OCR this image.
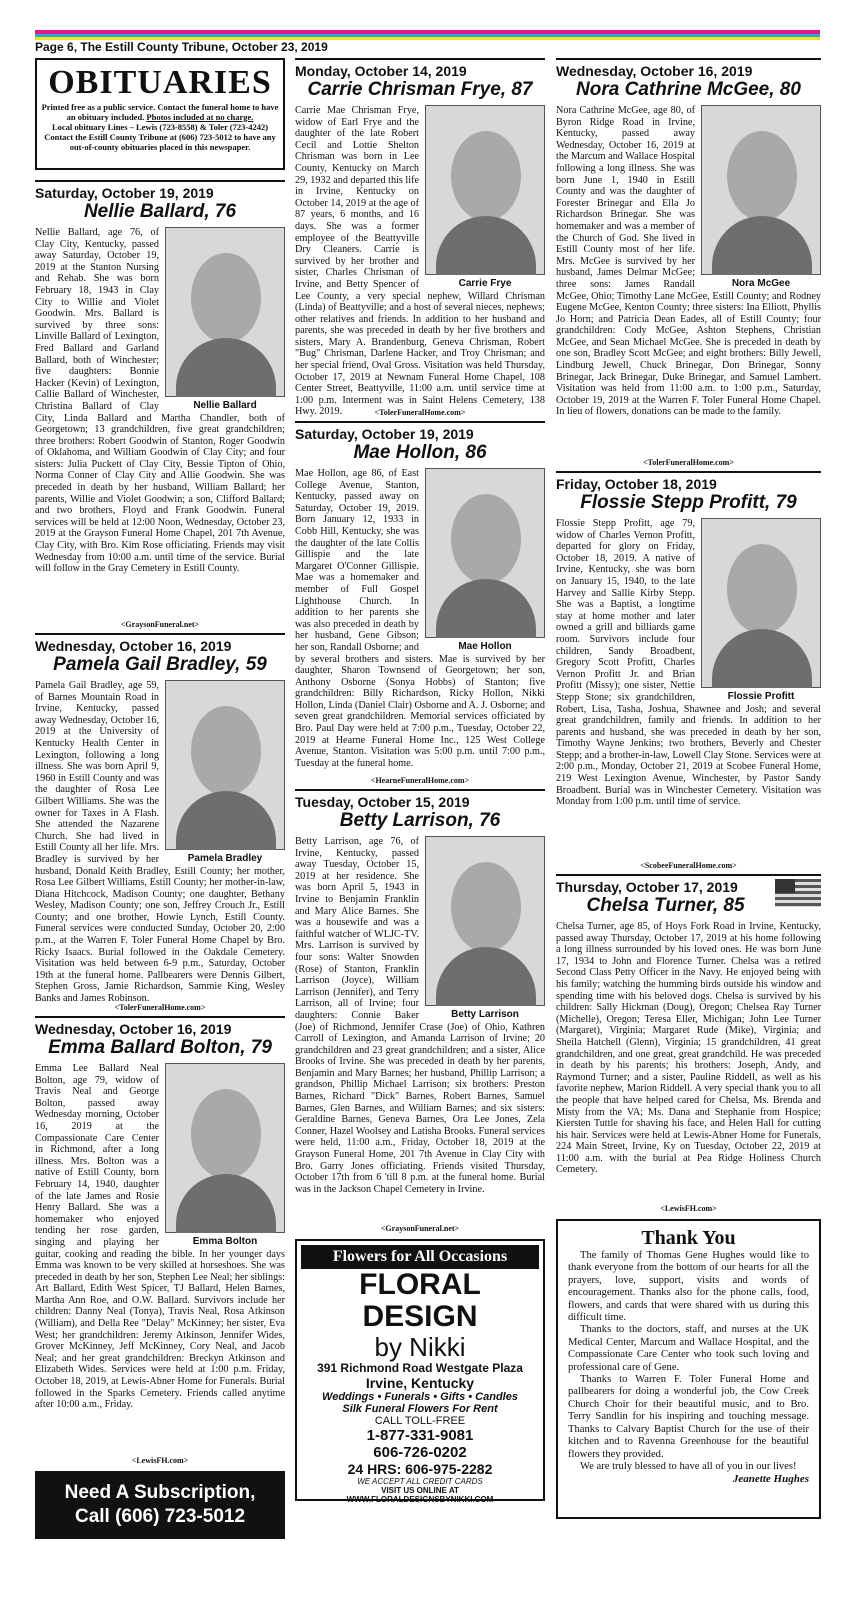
Page 6, The Estill County Tribune, October 23, 2019
OBITUARIES
Printed free as a public service. Contact the funeral home to have an obituary included. Photos included at no charge.
Local obituary Lines – Lewis (723-8558) & Toler (723-4242)
Contact the Estill County Tribune at (606) 723-5012 to have any out-of-county obituaries placed in this newspaper.
Saturday, October 19, 2019
Nellie Ballard, 76
Nellie Ballard
Nellie Ballard, age 76, of Clay City, Kentucky, passed away Saturday, October 19, 2019 at the Stanton Nursing and Rehab. She was born February 18, 1943 in Clay City to Willie and Violet Goodwin. Mrs. Ballard is survived by three sons: Linville Ballard of Lexington, Fred Ballard and Garland Ballard, both of Winchester; five daughters: Bonnie Hacker (Kevin) of Lexington, Callie Ballard of Winchester, Christina Ballard of Clay City, Linda Ballard and Martha Chandler, both of Georgetown; 13 grandchildren, five great grandchildren; three brothers: Robert Goodwin of Stanton, Roger Goodwin of Oklahoma, and William Goodwin of Clay City; and four sisters: Julia Puckett of Clay City, Bessie Tipton of Ohio, Norma Conner of Clay City and Allie Goodwin. She was preceded in death by her husband, William Ballard; her parents, Willie and Violet Goodwin; a son, Clifford Ballard; and two brothers, Floyd and Frank Goodwin. Funeral services will be held at 12:00 Noon, Wednesday, October 23, 2019 at the Grayson Funeral Home Chapel, 201 7th Avenue, Clay City, with Bro. Kim Rose officiating. Friends may visit Wednesday from 10:00 a.m. until time of the service. Burial will follow in the Gray Cemetery in Estill County.
<GraysonFuneral.net>
Wednesday, October 16, 2019
Pamela Gail Bradley, 59
Pamela Bradley
Pamela Gail Bradley, age 59, of Barnes Mountain Road in Irvine, Kentucky, passed away Wednesday, October 16, 2019 at the University of Kentucky Health Center in Lexington, following a long illness. She was born April 9, 1960 in Estill County and was the daughter of Rosa Lee Gilbert Williams. She was the owner for Taxes in A Flash. She attended the Nazarene Church. She had lived in Estill County all her life. Mrs. Bradley is survived by her husband, Donald Keith Bradley, Estill County; her mother, Rosa Lee Gilbert Williams, Estill County; her mother-in-law, Diana Hitchcock, Madison County; one daughter, Bethany Wesley, Madison County; one son, Jeffrey Crouch Jr., Estill County; and one brother, Howie Lynch, Estill County. Funeral services were conducted Sunday, October 20, 2:00 p.m., at the Warren F. Toler Funeral Home Chapel by Bro. Ricky Isaacs. Burial followed in the Oakdale Cemetery. Visitation was held between 6-9 p.m., Saturday, October 19th at the funeral home. Pallbearers were Dennis Gilbert, Stephen Gross, Jamie Richardson, Sammie King, Wesley Banks and James Robinson.
<TolerFuneralHome.com>
Wednesday, October 16, 2019
Emma Ballard Bolton, 79
Emma Bolton
Emma Lee Ballard Neal Bolton, age 79, widow of Travis Neal and George Bolton, passed away Wednesday morning, October 16, 2019 at the Compassionate Care Center in Richmond, after a long illness. Mrs. Bolton was a native of Estill County, born February 14, 1940, daughter of the late James and Rosie Henry Ballard. She was a homemaker who enjoyed tending her rose garden, singing and playing her guitar, cooking and reading the bible. In her younger days Emma was known to be very skilled at horseshoes. She was preceded in death by her son, Stephen Lee Neal; her siblings: Art Ballard, Edith West Spicer, TJ Ballard, Helen Barnes, Martha Ann Roe, and O.W. Ballard. Survivors include her children: Danny Neal (Tonya), Travis Neal, Rosa Atkinson (William), and Della Ree "Delay" McKinney; her sister, Eva West; her grandchildren: Jeremy Atkinson, Jennifer Wides, Grover McKinney, Jeff McKinney, Cory Neal, and Jacob Neal; and her great grandchildren: Breckyn Atkinson and Elizabeth Wides. Services were held at 1:00 p.m. Friday, October 18, 2019, at Lewis-Abner Home for Funerals. Burial followed in the Sparks Cemetery. Friends called anytime after 10:00 a.m., Friday.
<LewisFH.com>
Need A Subscription,
Call (606) 723-5012
Monday, October 14, 2019
Carrie Chrisman Frye, 87
Carrie Frye
Carrie Mae Chrisman Frye, widow of Earl Frye and the daughter of the late Robert Cecil and Lottie Shelton Chrisman was born in Lee County, Kentucky on March 29, 1932 and departed this life in Irvine, Kentucky on October 14, 2019 at the age of 87 years, 6 months, and 16 days. She was a former employee of the Beattyville Dry Cleaners. Carrie is survived by her brother and sister, Charles Chrisman of Irvine, and Betty Spencer of Lee County, a very special nephew, Willard Chrisman (Linda) of Beattyville; and a host of several nieces, nephews; other relatives and friends. In addition to her husband and parents, she was preceded in death by her five brothers and sisters, Mary A. Brandenburg, Geneva Chrisman, Robert "Bug" Chrisman, Darlene Hacker, and Troy Chrisman; and her special friend, Oval Gross. Visitation was held Thursday, October 17, 2019 at Newnam Funeral Home Chapel, 108 Center Street, Beattyville, 11:00 a.m. until service time at 1:00 p.m. Interment was in Saint Helens Cemetery, 138 Hwy. 2019.	<TolerFuneralHome.com>
Saturday, October 19, 2019
Mae Hollon, 86
Mae Hollon
Mae Hollon, age 86, of East College Avenue, Stanton, Kentucky, passed away on Saturday, October 19, 2019. Born January 12, 1933 in Cobb Hill, Kentucky, she was the daughter of the late Collis Gillispie and the late Margaret O'Conner Gillispie. Mae was a homemaker and member of Full Gospel Lighthouse Church. In addition to her parents she was also preceded in death by her husband, Gene Gibson; her son, Randall Osborne; and by several brothers and sisters. Mae is survived by her daughter, Sharon Townsend of Georgetown; her son, Anthony Osborne (Sonya Hobbs) of Stanton; five grandchildren: Billy Richardson, Ricky Hollon, Nikki Hollon, Linda (Daniel Clair) Osborne and A. J. Osborne; and seven great grandchildren. Memorial services officiated by Bro. Paul Day were held at 7:00 p.m., Tuesday, October 22, 2019 at Hearne Funeral Home Inc., 125 West College Avenue, Stanton. Visitation was 5:00 p.m. until 7:00 p.m., Tuesday at the funeral home.
<HearneFuneralHome.com>
Tuesday, October 15, 2019
Betty Larrison, 76
Betty Larrison
Betty Larrison, age 76, of Irvine, Kentucky, passed away Tuesday, October 15, 2019 at her residence. She was born April 5, 1943 in Irvine to Benjamin Franklin and Mary Alice Barnes. She was a housewife and was a faithful watcher of WLJC-TV. Mrs. Larrison is survived by four sons: Walter Snowden (Rose) of Stanton, Franklin Larrison (Joyce), William Larrison (Jennifer), and Terry Larrison, all of Irvine; four daughters: Connie Baker (Joe) of Richmond, Jennifer Crase (Joe) of Ohio, Kathren Carroll of Lexington, and Amanda Larrison of Irvine; 20 grandchildren and 23 great grandchildren; and a sister, Alice Brooks of Irvine. She was preceded in death by her parents, Benjamin and Mary Barnes; her husband, Phillip Larrison; a grandson, Phillip Michael Larrison; six brothers: Preston Barnes, Richard "Dick" Barnes, Robert Barnes, Samuel Barnes, Glen Barnes, and William Barnes; and six sisters: Geraldine Barnes, Geneva Barnes, Ora Lee Jones, Zela Conner, Hazel Woolsey and Latisha Brooks. Funeral services were held, 11:00 a.m., Friday, October 18, 2019 at the Grayson Funeral Home, 201 7th Avenue in Clay City with Bro. Garry Jones officiating. Friends visited Thursday, October 17th from 6 'till 8 p.m. at the funeral home. Burial was in the Jackson Chapel Cemetery in Irvine.
<GraysonFuneral.net>
Flowers for All Occasions
FLORAL DESIGN
by Nikki
391 Richmond Road Westgate Plaza
Irvine, Kentucky
Weddings • Funerals • Gifts • Candles
Silk Funeral Flowers For Rent
CALL TOLL-FREE
1-877-331-9081
606-726-0202
24 HRS: 606-975-2282
WE ACCEPT ALL CREDIT CARDS
VISIT US ONLINE AT
WWW.FLORALDESIGNSBYNIKKI.COM
Wednesday, October 16, 2019
Nora Cathrine McGee, 80
Nora McGee
Nora Cathrine McGee, age 80, of Byron Ridge Road in Irvine, Kentucky, passed away Wednesday, October 16, 2019 at the Marcum and Wallace Hospital following a long illness. She was born June 1, 1940 in Estill County and was the daughter of Forester Brinegar and Ella Jo Richardson Brinegar. She was homemaker and was a member of the Church of God. She lived in Estill County most of her life. Mrs. McGee is survived by her husband, James Delmar McGee; three sons: James Randall McGee, Ohio; Timothy Lane McGee, Estill County; and Rodney Eugene McGee, Kenton County; three sisters: Ina Elliott, Phyllis Jo Horn; and Patricia Dean Eades, all of Estill County; four grandchildren: Cody McGee, Ashton Stephens, Christian McGee, and Sean Michael McGee. She is preceded in death by one son, Bradley Scott McGee; and eight brothers: Billy Jewell, Lindburg Jewell, Chuck Brinegar, Don Brinegar, Sonny Brinegar, Jack Brinegar, Duke Brinegar, and Samuel Lambert. Visitation was held from 11:00 a.m. to 1:00 p.m., Saturday, October 19, 2019 at the Warren F. Toler Funeral Home Chapel. In lieu of flowers, donations can be made to the family.
<TolerFuneralHome.com>
Friday, October 18, 2019
Flossie Stepp Profitt, 79
Flossie Profitt
Flossie Stepp Profitt, age 79, widow of Charles Vernon Profitt, departed for glory on Friday, October 18, 2019. A native of Irvine, Kentucky, she was born on January 15, 1940, to the late Harvey and Sallie Kirby Stepp. She was a Baptist, a longtime stay at home mother and later owned a grill and billiards game room. Survivors include four children, Sandy Broadbent, Gregory Scott Profitt, Charles Vernon Profitt Jr. and Brian Profitt (Missy); one sister, Nettie Stepp Stone; six grandchildren, Robert, Lisa, Tasha, Joshua, Shawnee and Josh; and several great grandchildren, family and friends. In addition to her parents and husband, she was preceded in death by her son, Timothy Wayne Jenkins; two brothers, Beverly and Chester Stepp; and a brother-in-law, Lowell Clay Stone. Services were at 2:00 p.m., Monday, October 21, 2019 at Scobee Funeral Home, 219 West Lexington Avenue, Winchester, by Pastor Sandy Broadbent. Burial was in Winchester Cemetery. Visitation was Monday from 1:00 p.m. until time of service.
<ScobeeFuneralHome.com>
Thursday, October 17, 2019
Chelsa Turner, 85
Chelsa Turner, age 85, of Hoys Fork Road in Irvine, Kentucky, passed away Thursday, October 17, 2019 at his home following a long illness surrounded by his loved ones. He was born June 17, 1934 to John and Florence Turner. Chelsa was a retired Second Class Petty Officer in the Navy. He enjoyed being with his family; watching the humming birds outside his window and spending time with his beloved dogs. Chelsa is survived by his children: Sally Hickman (Doug), Oregon; Chelsea Ray Turner (Michelle), Oregon; Teresa Eller, Michigan; John Lee Turner (Margaret), Virginia; Margaret Rude (Mike), Virginia; and Sheila Hatchell (Glenn), Virginia; 15 grandchildren, 41 great grandchildren, and one great, great grandchild. He was preceded in death by his parents; his brothers: Joseph, Andy, and Raymond Turner; and a sister, Pauline Riddell, as well as his favorite nephew, Marion Riddell. A very special thank you to all the people that have helped cared for Chelsa, Ms. Brenda and Misty from the VA; Ms. Dana and Stephanie from Hospice; Kiersten Tuttle for shaving his face, and Helen Hall for cutting his hair. Services were held at Lewis-Abner Home for Funerals, 224 Main Street, Irvine, Ky on Tuesday, October 22, 2019 at 11:00 a.m. with the burial at Pea Ridge Holiness Church Cemetery.
<LewisFH.com>
Thank You

The family of Thomas Gene Hughes would like to thank everyone from the bottom of our hearts for all the prayers, love, support, visits and words of encouragement. Thanks also for the phone calls, food, flowers, and cards that were shared with us during this difficult time.

Thanks to the doctors, staff, and nurses at the UK Medical Center, Marcum and Wallace Hospital, and the Compassionate Care Center who took such loving and professional care of Gene.

Thanks to Warren F. Toler Funeral Home and pallbearers for doing a wonderful job, the Cow Creek Church Choir for their beautiful music, and to Bro. Terry Sandlin for his inspiring and touching message. Thanks to Calvary Baptist Church for the use of their kitchen and to Ravenna Greenhouse for the beautiful flowers they provided.

We are truly blessed to have all of you in our lives!

Jeanette Hughes
